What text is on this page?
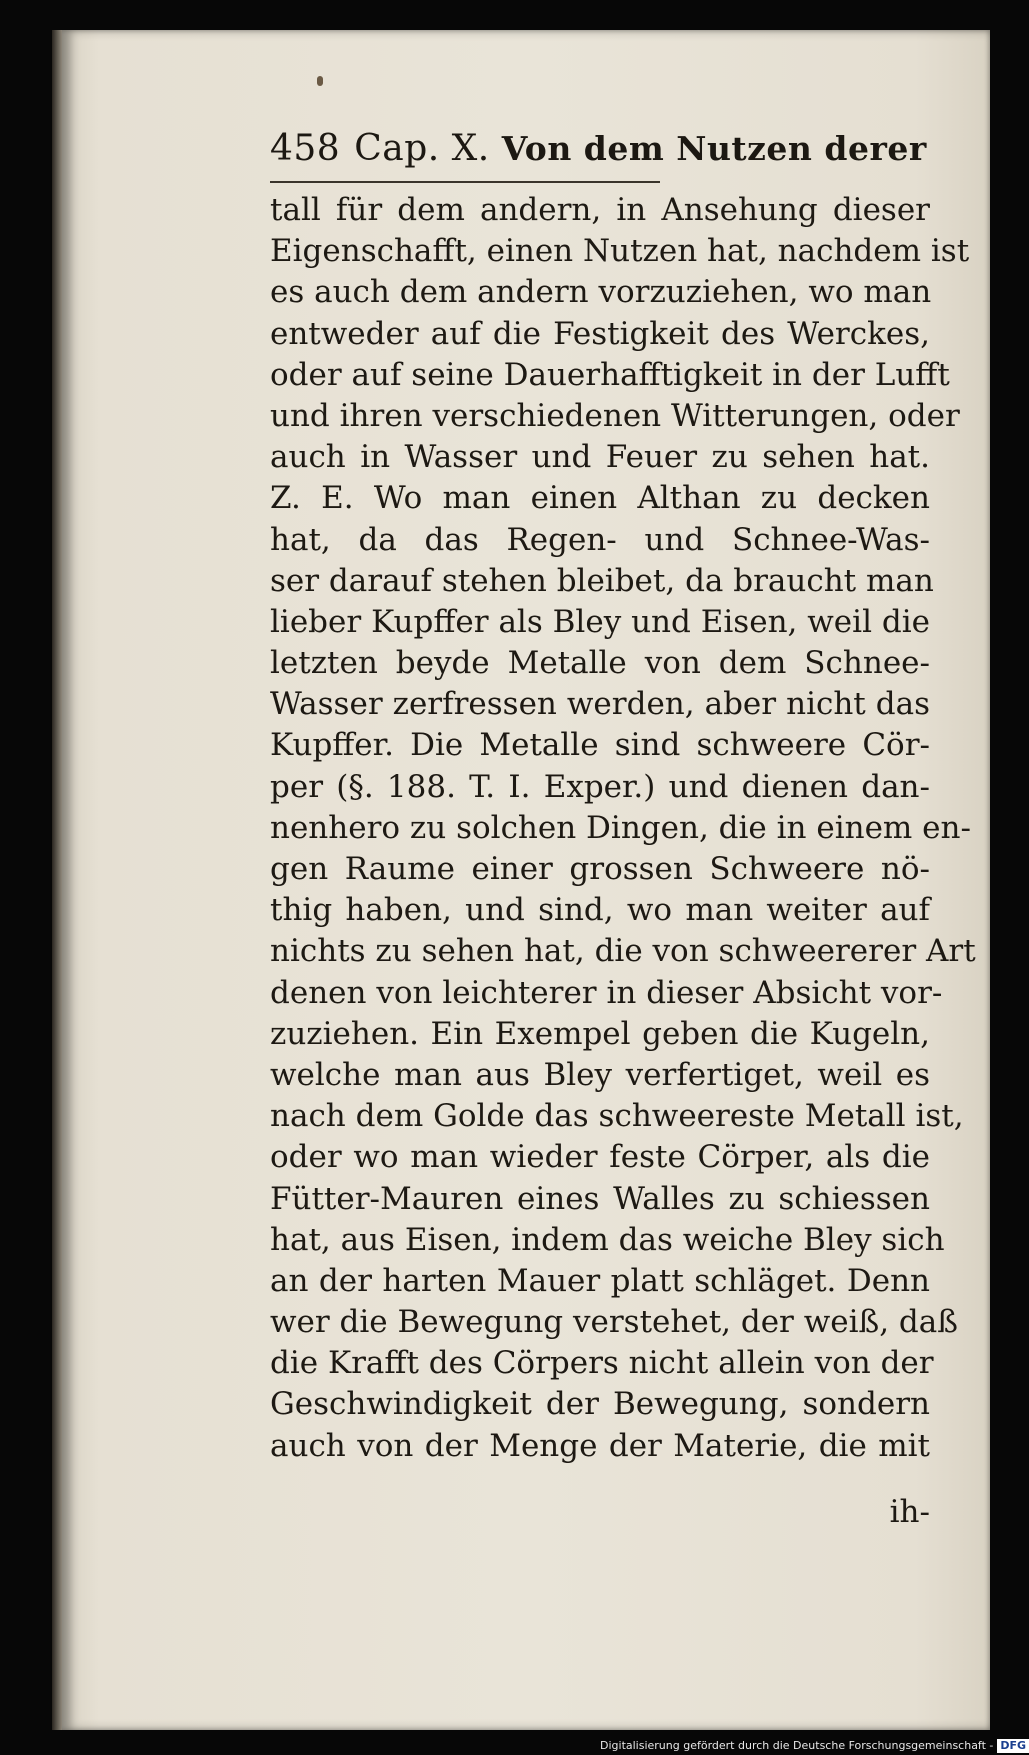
458 Cap. X. Von dem Nutzen derer
tall für dem andern, in Ansehung dieser
Eigenschafft, einen Nutzen hat, nachdem ist
es auch dem andern vorzuziehen, wo man
entweder auf die Festigkeit des Werckes,
oder auf seine Dauerhafftigkeit in der Lufft
und ihren verschiedenen Witterungen, oder
auch in Wasser und Feuer zu sehen hat.
Z. E. Wo man einen Althan zu decken
hat, da das Regen- und Schnee-Was-
ser darauf stehen bleibet, da braucht man
lieber Kupffer als Bley und Eisen, weil die
letzten beyde Metalle von dem Schnee-
Wasser zerfressen werden, aber nicht das
Kupffer. Die Metalle sind schweere Cör-
per (§. 188. T. I. Exper.) und dienen dan-
nenhero zu solchen Dingen, die in einem en-
gen Raume einer grossen Schweere nö-
thig haben, und sind, wo man weiter auf
nichts zu sehen hat, die von schweererer Art
denen von leichterer in dieser Absicht vor-
zuziehen. Ein Exempel geben die Kugeln,
welche man aus Bley verfertiget, weil es
nach dem Golde das schweereste Metall ist,
oder wo man wieder feste Cörper, als die
Fütter-Mauren eines Walles zu schiessen
hat, aus Eisen, indem das weiche Bley sich
an der harten Mauer platt schläget. Denn
wer die Bewegung verstehet, der weiß, daß
die Krafft des Cörpers nicht allein von der
Geschwindigkeit der Bewegung, sondern
auch von der Menge der Materie, die mit
ih-
Digitalisierung gefördert durch die Deutsche Forschungsgemeinschaft - DFG
